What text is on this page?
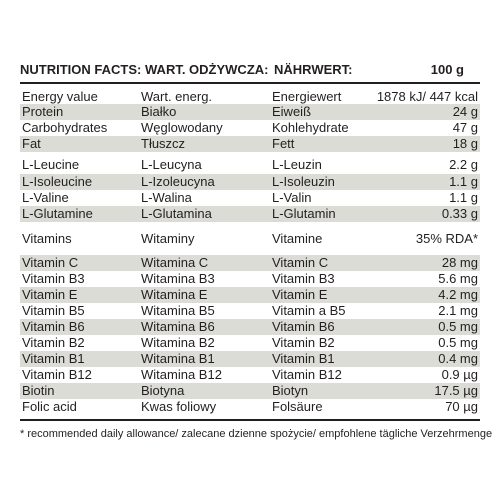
NUTRITION FACTS: WART. ODŻYWCZA: NÄHRWERT:	100 g
Energy value	Wart. energ.	Energiewert	1878 kJ/ 447 kcal
Protein	Białko	Eiweiß	24 g
Carbohydrates	Węglowodany	Kohlehydrate	47 g
Fat	Tłuszcz	Fett	18 g
L-Leucine	L-Leucyna	L-Leuzin	2.2 g
L-Isoleucine	L-Izoleucyna	L-Isoleuzin	1.1 g
L-Valine	L-Walina	L-Valin	1.1 g
L-Glutamine	L-Glutamina	L-Glutamin	0.33 g
Vitamins	Witaminy	Vitamine	35% RDA*
Vitamin C	Witamina C	Vitamin C	28 mg
Vitamin B3	Witamina B3	Vitamin B3	5.6 mg
Vitamin E	Witamina E	Vitamin E	4.2 mg
Vitamin B5	Witamina B5	Vitamin a B5	2.1 mg
Vitamin B6	Witamina B6	Vitamin B6	0.5 mg
Vitamin B2	Witamina B2	Vitamin B2	0.5 mg
Vitamin B1	Witamina B1	Vitamin B1	0.4 mg
Vitamin B12	Witamina B12	Vitamin B12	0.9 µg
Biotin	Biotyna	Biotyn	17.5 µg
Folic acid	Kwas foliowy	Folsäure	70 µg
* recommended daily allowance/ zalecane dzienne spożycie/ empfohlene tägliche Verzehrmenge
